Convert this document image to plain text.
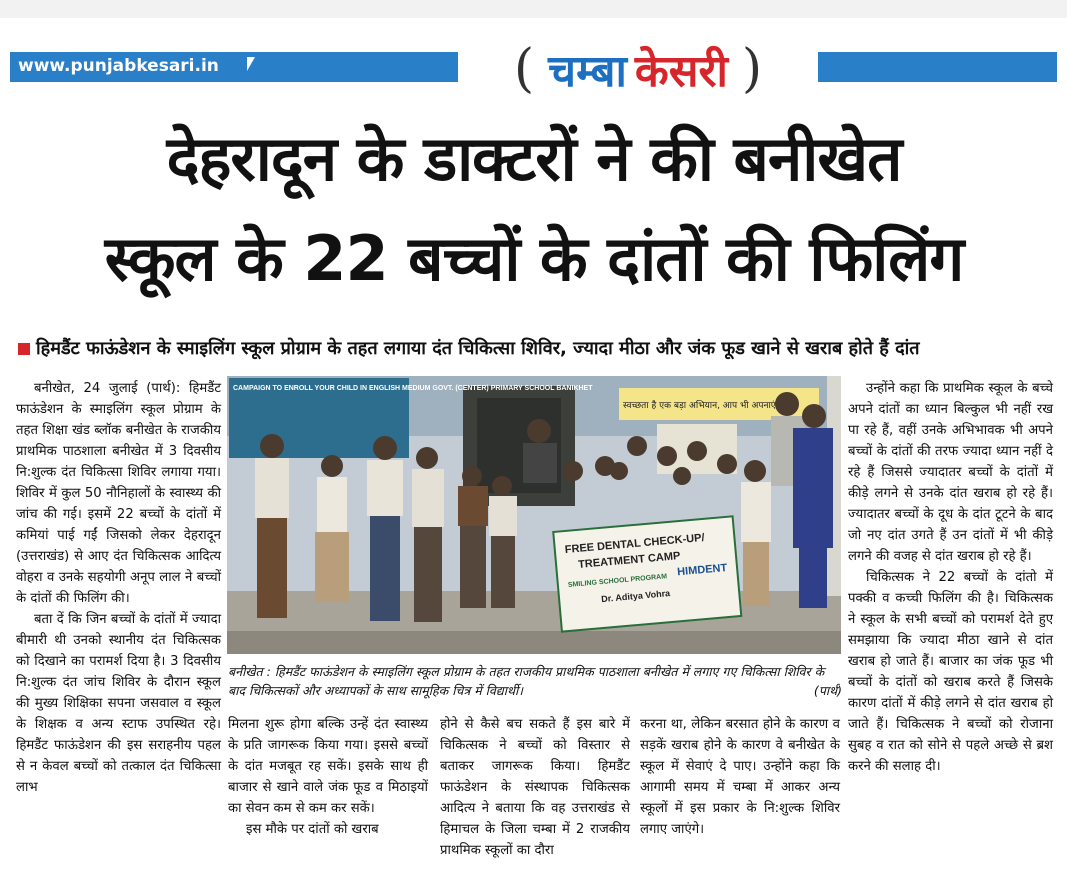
www.punjabkesari.in	( चम्बा केसरी )
देहरादून के डाक्टरों ने की बनीखेत
स्कूल के 22 बच्चों के दांतों की फिलिंग
हिमडैंट फाऊंडेशन के स्माइलिंग स्कूल प्रोग्राम के तहत लगाया दंत चिकित्सा शिविर, ज्यादा मीठा और जंक फूड खाने से खराब होते हैं दांत

बनीखेत, 24 जुलाई (पार्थ): हिमडैंट फाऊंडेशन के स्माइलिंग स्कूल प्रोग्राम के तहत शिक्षा खंड ब्लॉक बनीखेत के राजकीय प्राथमिक पाठशाला बनीखेत में 3 दिवसीय नि:शुल्क दंत चिकित्सा शिविर लगाया गया। शिविर में कुल 50 नौनिहालों के स्वास्थ्य की जांच की गई। इसमें 22 बच्चों के दांतों में कमियां पाई गईं जिसको लेकर देहरादून (उत्तराखंड) से आए दंत चिकित्सक आदित्य वोहरा व उनके सहयोगी अनूप लाल ने बच्चों के दांतों की फिलिंग की।

बता दें कि जिन बच्चों के दांतों में ज्यादा बीमारी थी उनको स्थानीय दंत चिकित्सक को दिखाने का परामर्श दिया है। 3 दिवसीय नि:शुल्क दंत जांच शिविर के दौरान स्कूल की मुख्य शिक्षिका सपना जसवाल व स्कूल के शिक्षक व अन्य स्टाफ उपस्थित रहे। हिमडैंट फाऊंडेशन की इस सराहनीय पहल से न केवल बच्चों को तत्काल दंत चिकित्सा लाभ

CAMPAIGN TO ENROLL YOUR CHILD IN ENGLISH MEDIUM GOVT. (CENTER) PRIMARY SCHOOL BANIKHET
स्वच्छता है एक बड़ा अभियान, आप भी अपनाएं
FREE DENTAL CHECK-UP/
TREATMENT CAMP
SMILING SCHOOL PROGRAM
HIMDENT
Dr. Aditya Vohra
बनीखेत : हिमडैंट फाऊंडेशन के स्माइलिंग स्कूल प्रोग्राम के तहत राजकीय प्राथमिक पाठशाला बनीखेत में लगाए गए चिकित्सा शिविर के बाद चिकित्सकों और अध्यापकों के साथ सामूहिक चित्र में विद्यार्थी।	(पार्थ)

मिलना शुरू होगा बल्कि उन्हें दंत स्वास्थ्य के प्रति जागरूक किया गया। इससे बच्चों के दांत मजबूत रह सकें। इसके साथ ही बाजार से खाने वाले जंक फूड व मिठाइयों का सेवन कम से कम कर सकें।

इस मौके पर दांतों को खराब

होने से कैसे बच सकते हैं इस बारे में चिकित्सक ने बच्चों को विस्तार से बताकर जागरूक किया। हिमडैंट फाऊंडेशन के संस्थापक चिकित्सक आदित्य ने बताया कि वह उत्तराखंड से हिमाचल के जिला चम्बा में 2 राजकीय प्राथमिक स्कूलों का दौरा

करना था, लेकिन बरसात होने के कारण व सड़कें खराब होने के कारण वे बनीखेत के स्कूल में सेवाएं दे पाए। उन्होंने कहा कि आगामी समय में चम्बा में आकर अन्य स्कूलों में इस प्रकार के नि:शुल्क शिविर लगाए जाएंगे।

उन्होंने कहा कि प्राथमिक स्कूल के बच्चे अपने दांतों का ध्यान बिल्कुल भी नहीं रख पा रहे हैं, वहीं उनके अभिभावक भी अपने बच्चों के दांतों की तरफ ज्यादा ध्यान नहीं दे रहे हैं जिससे ज्यादातर बच्चों के दांतों में कीड़े लगने से उनके दांत खराब हो रहे हैं। ज्यादातर बच्चों के दूध के दांत टूटने के बाद जो नए दांत उगते हैं उन दांतों में भी कीड़े लगने की वजह से दांत खराब हो रहे हैं।

चिकित्सक ने 22 बच्चों के दांतो में पक्की व कच्ची फिलिंग की है। चिकित्सक ने स्कूल के सभी बच्चों को परामर्श देते हुए समझाया कि ज्यादा मीठा खाने से दांत खराब हो जाते हैं। बाजार का जंक फूड भी बच्चों के दांतों को खराब करते हैं जिसके कारण दांतों में कीड़े लगने से दांत खराब हो जाते हैं। चिकित्सक ने बच्चों को रोजाना सुबह व रात को सोने से पहले अच्छे से ब्रश करने की सलाह दी।
